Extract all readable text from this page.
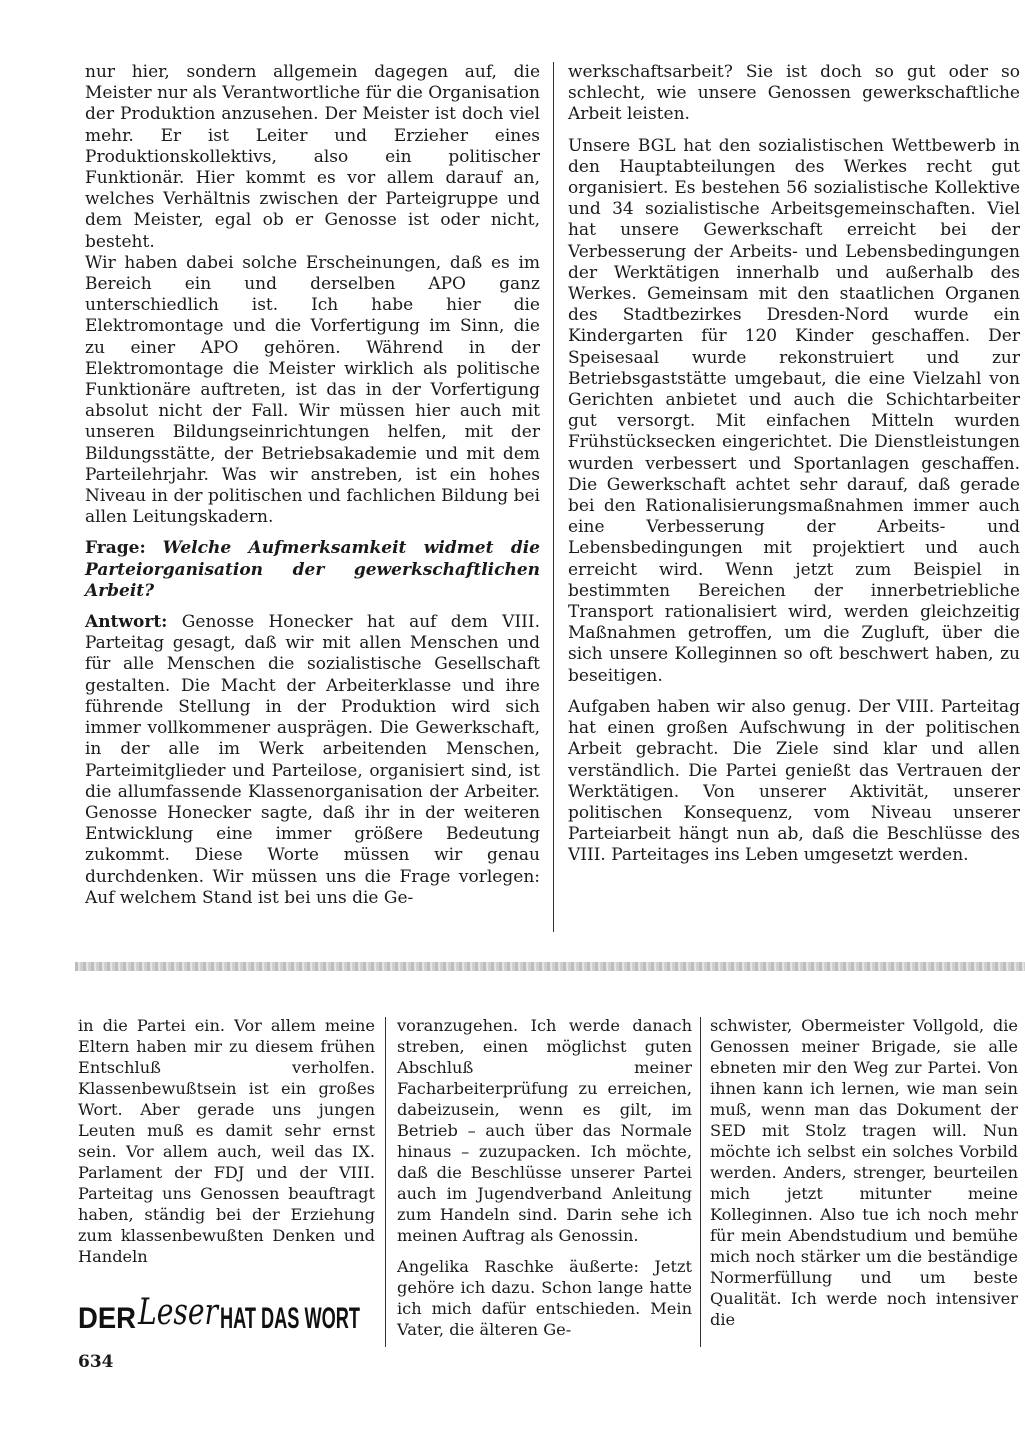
nur hier, sondern allgemein dagegen auf, die Meister nur als Verantwortliche für die Organisation der Produktion anzusehen. Der Meister ist doch viel mehr. Er ist Leiter und Erzieher eines Produktionskollektivs, also ein politischer Funktionär. Hier kommt es vor allem darauf an, welches Verhältnis zwischen der Parteigruppe und dem Meister, egal ob er Genosse ist oder nicht, besteht.

Wir haben dabei solche Erscheinungen, daß es im Bereich ein und derselben APO ganz unterschiedlich ist. Ich habe hier die Elektromontage und die Vorfertigung im Sinn, die zu einer APO gehören. Während in der Elektromontage die Meister wirklich als politische Funktionäre auftreten, ist das in der Vorfertigung absolut nicht der Fall. Wir müssen hier auch mit unseren Bildungseinrichtungen helfen, mit der Bildungsstätte, der Betriebsakademie und mit dem Parteilehrjahr. Was wir anstreben, ist ein hohes Niveau in der politischen und fachlichen Bildung bei allen Leitungskadern.

Frage: Welche Aufmerksamkeit widmet die Parteiorganisation der gewerkschaftlichen Arbeit?

Antwort: Genosse Honecker hat auf dem VIII. Parteitag gesagt, daß wir mit allen Menschen und für alle Menschen die sozialistische Gesellschaft gestalten. Die Macht der Arbeiterklasse und ihre führende Stellung in der Produktion wird sich immer vollkommener ausprägen. Die Gewerkschaft, in der alle im Werk arbeitenden Menschen, Parteimitglieder und Parteilose, organisiert sind, ist die allumfassende Klassenorganisation der Arbeiter. Genosse Honecker sagte, daß ihr in der weiteren Entwicklung eine immer größere Bedeutung zukommt. Diese Worte müssen wir genau durchdenken. Wir müssen uns die Frage vorlegen: Auf welchem Stand ist bei uns die Ge-

werkschaftsarbeit? Sie ist doch so gut oder so schlecht, wie unsere Genossen gewerkschaftliche Arbeit leisten.

Unsere BGL hat den sozialistischen Wettbewerb in den Hauptabteilungen des Werkes recht gut organisiert. Es bestehen 56 sozialistische Kollektive und 34 sozialistische Arbeitsgemeinschaften. Viel hat unsere Gewerkschaft erreicht bei der Verbesserung der Arbeits- und Lebensbedingungen der Werktätigen innerhalb und außerhalb des Werkes. Gemeinsam mit den staatlichen Organen des Stadtbezirkes Dresden-Nord wurde ein Kindergarten für 120 Kinder geschaffen. Der Speisesaal wurde rekonstruiert und zur Betriebsgaststätte umgebaut, die eine Vielzahl von Gerichten anbietet und auch die Schichtarbeiter gut versorgt. Mit einfachen Mitteln wurden Frühstücksecken eingerichtet. Die Dienstleistungen wurden verbessert und Sportanlagen geschaffen. Die Gewerkschaft achtet sehr darauf, daß gerade bei den Rationalisierungsmaßnahmen immer auch eine Verbesserung der Arbeits- und Lebensbedingungen mit projektiert und auch erreicht wird. Wenn jetzt zum Beispiel in bestimmten Bereichen der innerbetriebliche Transport rationalisiert wird, werden gleichzeitig Maßnahmen getroffen, um die Zugluft, über die sich unsere Kolleginnen so oft beschwert haben, zu beseitigen.

Aufgaben haben wir also genug. Der VIII. Parteitag hat einen großen Aufschwung in der politischen Arbeit gebracht. Die Ziele sind klar und allen verständlich. Die Partei genießt das Vertrauen der Werktätigen. Von unserer Aktivität, unserer politischen Konsequenz, vom Niveau unserer Parteiarbeit hängt nun ab, daß die Beschlüsse des VIII. Parteitages ins Leben umgesetzt werden.

in die Partei ein. Vor allem meine Eltern haben mir zu diesem frühen Entschluß verholfen. Klassenbewußtsein ist ein großes Wort. Aber gerade uns jungen Leuten muß es damit sehr ernst sein. Vor allem auch, weil das IX. Parlament der FDJ und der VIII. Parteitag uns Genossen beauftragt haben, ständig bei der Erziehung zum klassenbewußten Denken und Handeln

voranzugehen. Ich werde danach streben, einen möglichst guten Abschluß meiner Facharbeiterprüfung zu erreichen, dabeizusein, wenn es gilt, im Betrieb – auch über das Normale hinaus – zuzupacken. Ich möchte, daß die Beschlüsse unserer Partei auch im Jugendverband Anleitung zum Handeln sind. Darin sehe ich meinen Auftrag als Genossin.

Angelika Raschke äußerte: Jetzt gehöre ich dazu. Schon lange hatte ich mich dafür entschieden. Mein Vater, die älteren Ge-

schwister, Obermeister Vollgold, die Genossen meiner Brigade, sie alle ebneten mir den Weg zur Partei. Von ihnen kann ich lernen, wie man sein muß, wenn man das Dokument der SED mit Stolz tragen will. Nun möchte ich selbst ein solches Vorbild werden. Anders, strenger, beurteilen mich jetzt mitunter meine Kolleginnen. Also tue ich noch mehr für mein Abendstudium und bemühe mich noch stärker um die beständige Normerfüllung und um beste Qualität. Ich werde noch intensiver die

DER Leser HAT DAS WORT
634
